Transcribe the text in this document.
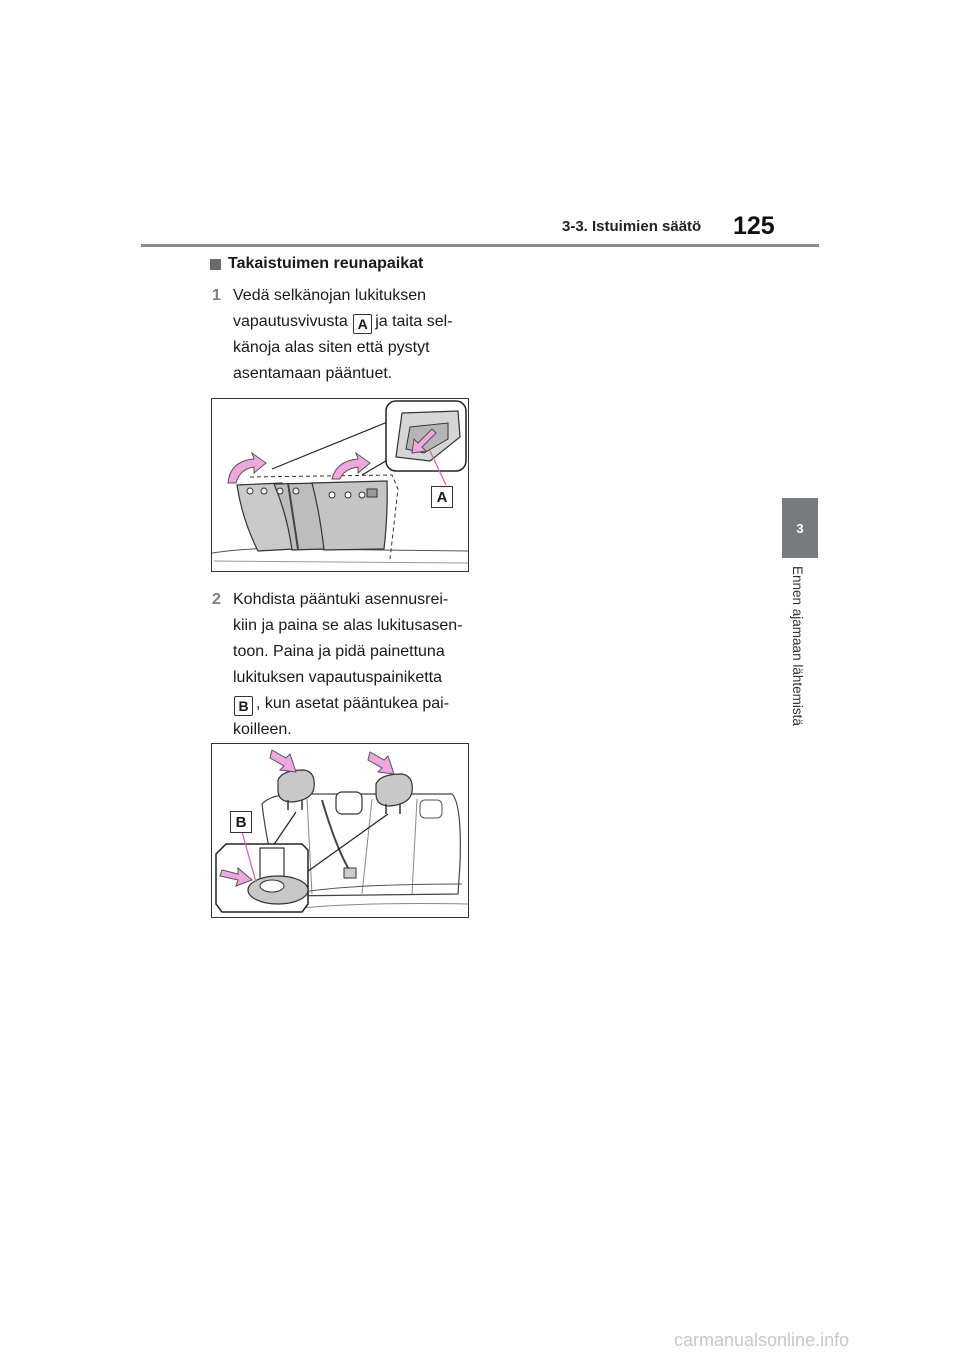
3-3. Istuimien säätö 125
3
Ennen ajamaan lähtemistä
Takaistuimen reunapaikat
1 Vedä selkänojan lukituksen
vapautusvivusta A ja taita sel-
känoja alas siten että pystyt
asentamaan pääntuet.
A
2 Kohdista pääntuki asennusrei-
kiin ja paina se alas lukitusasen-
toon. Paina ja pidä painettuna
lukituksen vapautuspainiketta
B , kun asetat pääntukea pai-
koilleen.
B
carmanualsonline.info
